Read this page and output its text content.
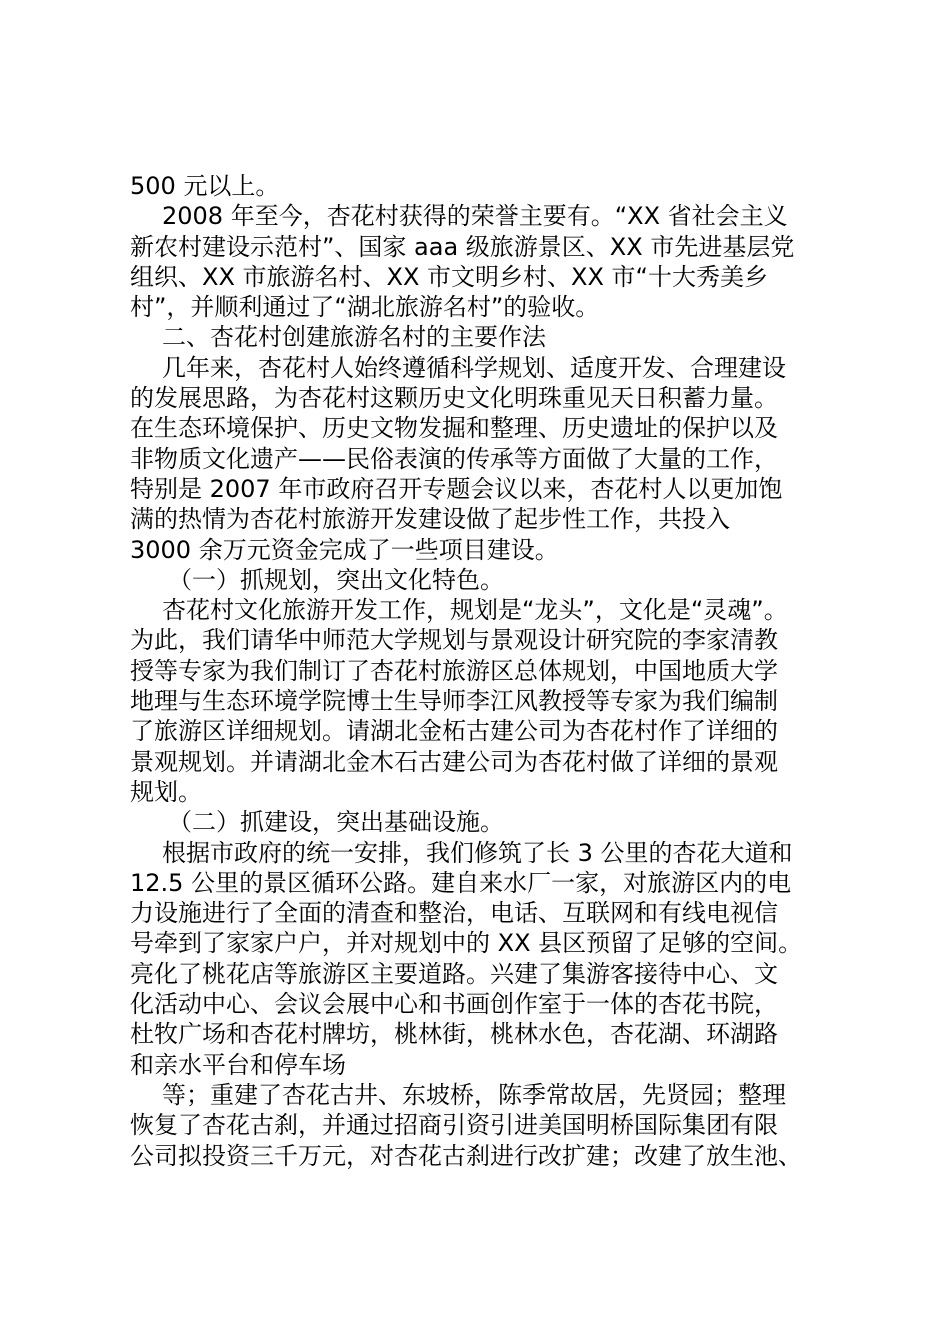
500 元以上。
2008 年至今，杏花村获得的荣誉主要有。“XX 省社会主义
新农村建设示范村”、国家 aaa 级旅游景区、XX 市先进基层党
组织、XX 市旅游名村、XX 市文明乡村、XX 市“十大秀美乡
村”，并顺利通过了“湖北旅游名村”的验收。
二、杏花村创建旅游名村的主要作法
几年来，杏花村人始终遵循科学规划、适度开发、合理建设
的发展思路，为杏花村这颗历史文化明珠重见天日积蓄力量。
在生态环境保护、历史文物发掘和整理、历史遗址的保护以及
非物质文化遗产——民俗表演的传承等方面做了大量的工作，
特别是 2007 年市政府召开专题会议以来，杏花村人以更加饱
满的热情为杏花村旅游开发建设做了起步性工作，共投入
3000 余万元资金完成了一些项目建设。
（一）抓规划，突出文化特色。
杏花村文化旅游开发工作，规划是“龙头”，文化是“灵魂”。
为此，我们请华中师范大学规划与景观设计研究院的李家清教
授等专家为我们制订了杏花村旅游区总体规划，中国地质大学
地理与生态环境学院博士生导师李江风教授等专家为我们编制
了旅游区详细规划。请湖北金柘古建公司为杏花村作了详细的
景观规划。并请湖北金木石古建公司为杏花村做了详细的景观
规划。
（二）抓建设，突出基础设施。
根据市政府的统一安排，我们修筑了长 3 公里的杏花大道和
12.5 公里的景区循环公路。建自来水厂一家，对旅游区内的电
力设施进行了全面的清查和整治，电话、互联网和有线电视信
号牵到了家家户户，并对规划中的 XX 县区预留了足够的空间。
亮化了桃花店等旅游区主要道路。兴建了集游客接待中心、文
化活动中心、会议会展中心和书画创作室于一体的杏花书院，
杜牧广场和杏花村牌坊，桃林街，桃林水色，杏花湖、环湖路
和亲水平台和停车场
等；重建了杏花古井、东坡桥，陈季常故居，先贤园；整理
恢复了杏花古刹，并通过招商引资引进美国明桥国际集团有限
公司拟投资三千万元，对杏花古刹进行改扩建；改建了放生池、
